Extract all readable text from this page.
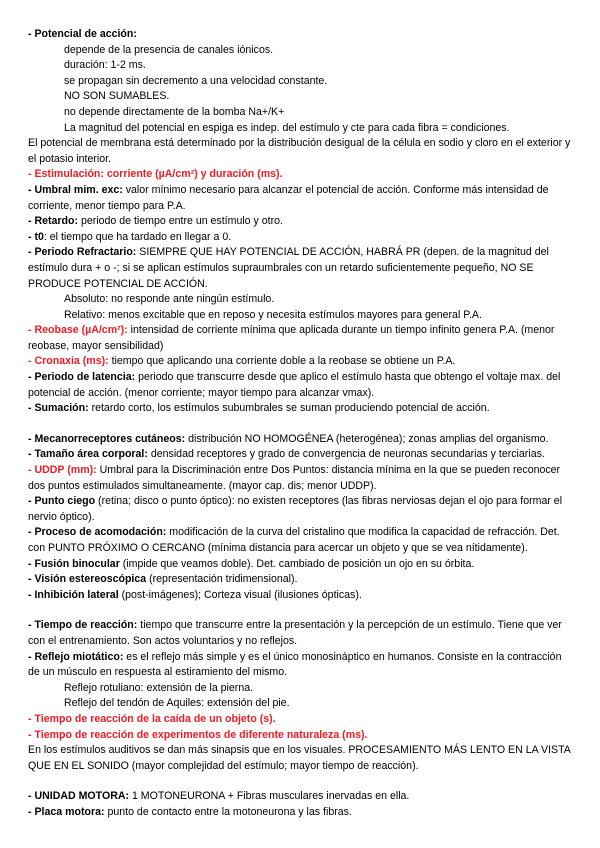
- Potencial de acción:

depende de la presencia de canales iónicos.

duración: 1-2 ms.

se propagan sin decremento a una velocidad constante.

NO SON SUMABLES.

no depende directamente de la bomba Na+/K+

La magnitud del potencial en espiga es indep. del estímulo y cte para cada fibra = condiciones.

El potencial de membrana está determinado por la distribución desigual de la célula en sodio y cloro en el exterior y el potasio interior.

- Estimulación: corriente (µA/cm²) y duración (ms).

- Umbral mim. exc: valor mínimo necesario para alcanzar el potencial de acción. Conforme más intensidad de corriente, menor tiempo para P.A.

- Retardo: periodo de tiempo entre un estímulo y otro.

- t0: el tiempo que ha tardado en llegar a 0.

- Periodo Refractario: SIEMPRE QUE HAY POTENCIAL DE ACCIÓN, HABRÁ PR (depen. de la magnitud del estímulo dura + o -; si se aplican estímulos supraumbrales con un retardo suficientemente pequeño, NO SE PRODUCE POTENCIAL DE ACCIÓN.

Absoluto: no responde ante ningún estímulo.

Relativo: menos excitable que en reposo y necesita estímulos mayores para general P.A.

- Reobase (µA/cm²): intensidad de corriente mínima que aplicada durante un tiempo infinito genera P.A. (menor reobase, mayor sensibilidad)

- Cronaxia (ms): tiempo que aplicando una corriente doble a la reobase se obtiene un P.A.

- Periodo de latencia: periodo que transcurre desde que aplico el estímulo hasta que obtengo el voltaje max. del potencial de acción. (menor corriente; mayor tiempo para alcanzar vmax).

- Sumación: retardo corto, los estímulos subumbrales se suman produciendo potencial de acción.

- Mecanorreceptores cutáneos: distribución NO HOMOGÉNEA (heterogénea); zonas amplias del organismo.

- Tamaño área corporal: densidad receptores y grado de convergencia de neuronas secundarias y terciarias.

- UDDP (mm): Umbral para la Discriminación entre Dos Puntos: distancia mínima en la que se pueden reconocer dos puntos estimulados simultaneamente. (mayor cap. dis; menor UDDP).

- Punto ciego (retina; disco o punto óptico): no existen receptores (las fibras nerviosas dejan el ojo para formar el nervio óptico).

- Proceso de acomodación: modificación de la curva del cristalino que modifica la capacidad de refracción. Det. con PUNTO PRÓXIMO O CERCANO (mínima distancia para acercar un objeto y que se vea nítidamente).

- Fusión binocular (impide que veamos doble). Det. cambiado de posición un ojo en su órbita.

- Visión estereoscópica (representación tridimensional).

- Inhibición lateral (post-imágenes); Corteza visual (ilusiones ópticas).

- Tiempo de reacción: tiempo que transcurre entre la presentación y la percepción de un estímulo. Tiene que ver con el entrenamiento. Son actos voluntarios y no reflejos.

- Reflejo miotático: es el reflejo más simple y es el único monosináptico en humanos. Consiste en la contracción de un músculo en respuesta al estiramiento del mismo.

Reflejo rotuliano: extensión de la pierna.

Reflejo del tendón de Aquiles: extensión del pie.

- Tiempo de reacción de la caída de un objeto (s).

- Tiempo de reacción de experimentos de diferente naturaleza (ms).

En los estímulos auditivos se dan más sinapsis que en los visuales. PROCESAMIENTO MÁS LENTO EN LA VISTA QUE EN EL SONIDO (mayor complejidad del estímulo; mayor tiempo de reacción).

- UNIDAD MOTORA: 1 MOTONEURONA + Fibras musculares inervadas en ella.

- Placa motora: punto de contacto entre la motoneurona y las fibras.
